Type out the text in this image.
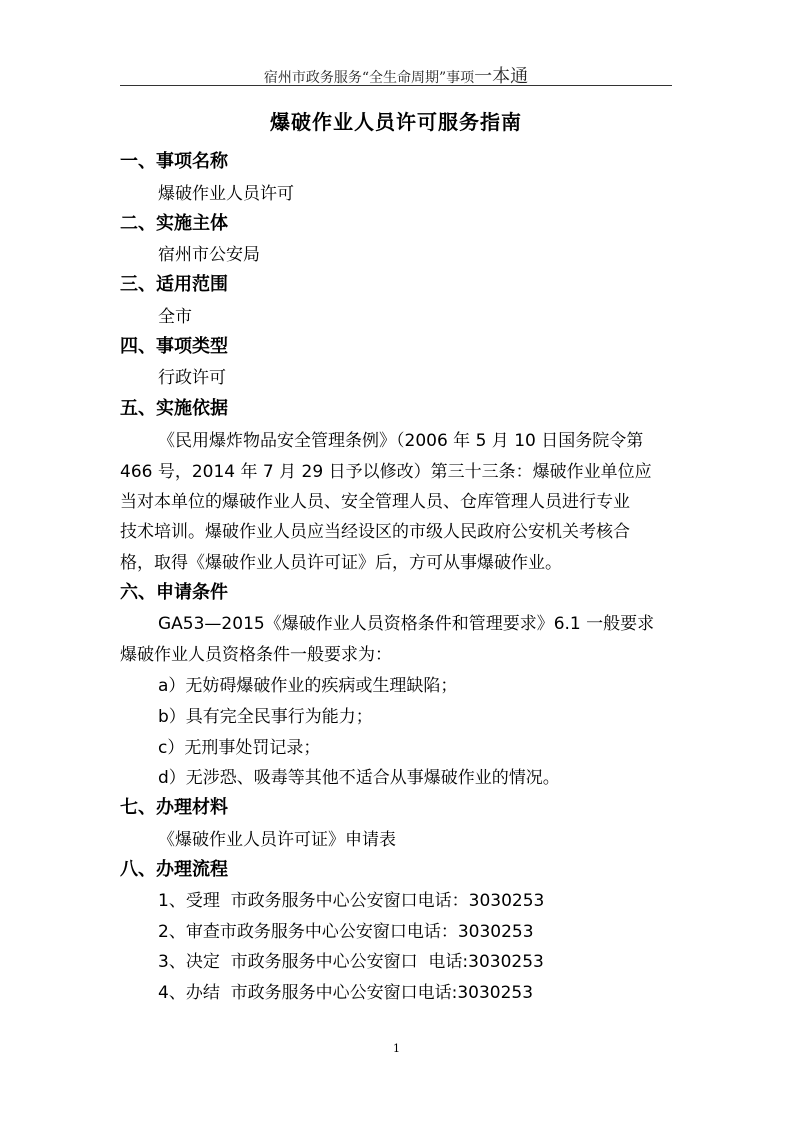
宿州市政务服务“全生命周期”事项一本通
爆破作业人员许可服务指南
一、事项名称
爆破作业人员许可
二、实施主体
宿州市公安局
三、适用范围
全市
四、事项类型
行政许可
五、实施依据
《民用爆炸物品安全管理条例》（2006 年 5 月 10 日国务院令第
466 号，2014 年 7 月 29 日予以修改）第三十三条：爆破作业单位应
当对本单位的爆破作业人员、安全管理人员、仓库管理人员进行专业
技术培训。爆破作业人员应当经设区的市级人民政府公安机关考核合
格，取得《爆破作业人员许可证》后，方可从事爆破作业。
六、申请条件
GA53—2015《爆破作业人员资格条件和管理要求》6.1 一般要求
爆破作业人员资格条件一般要求为：
a）无妨碍爆破作业的疾病或生理缺陷；
b）具有完全民事行为能力；
c）无刑事处罚记录；
d）无涉恐、吸毒等其他不适合从事爆破作业的情况。
七、办理材料
《爆破作业人员许可证》申请表
八、办理流程
1、受理  市政务服务中心公安窗口电话：3030253
2、审查市政务服务中心公安窗口电话：3030253
3、决定  市政务服务中心公安窗口  电话:3030253
4、办结  市政务服务中心公安窗口电话:3030253
1
